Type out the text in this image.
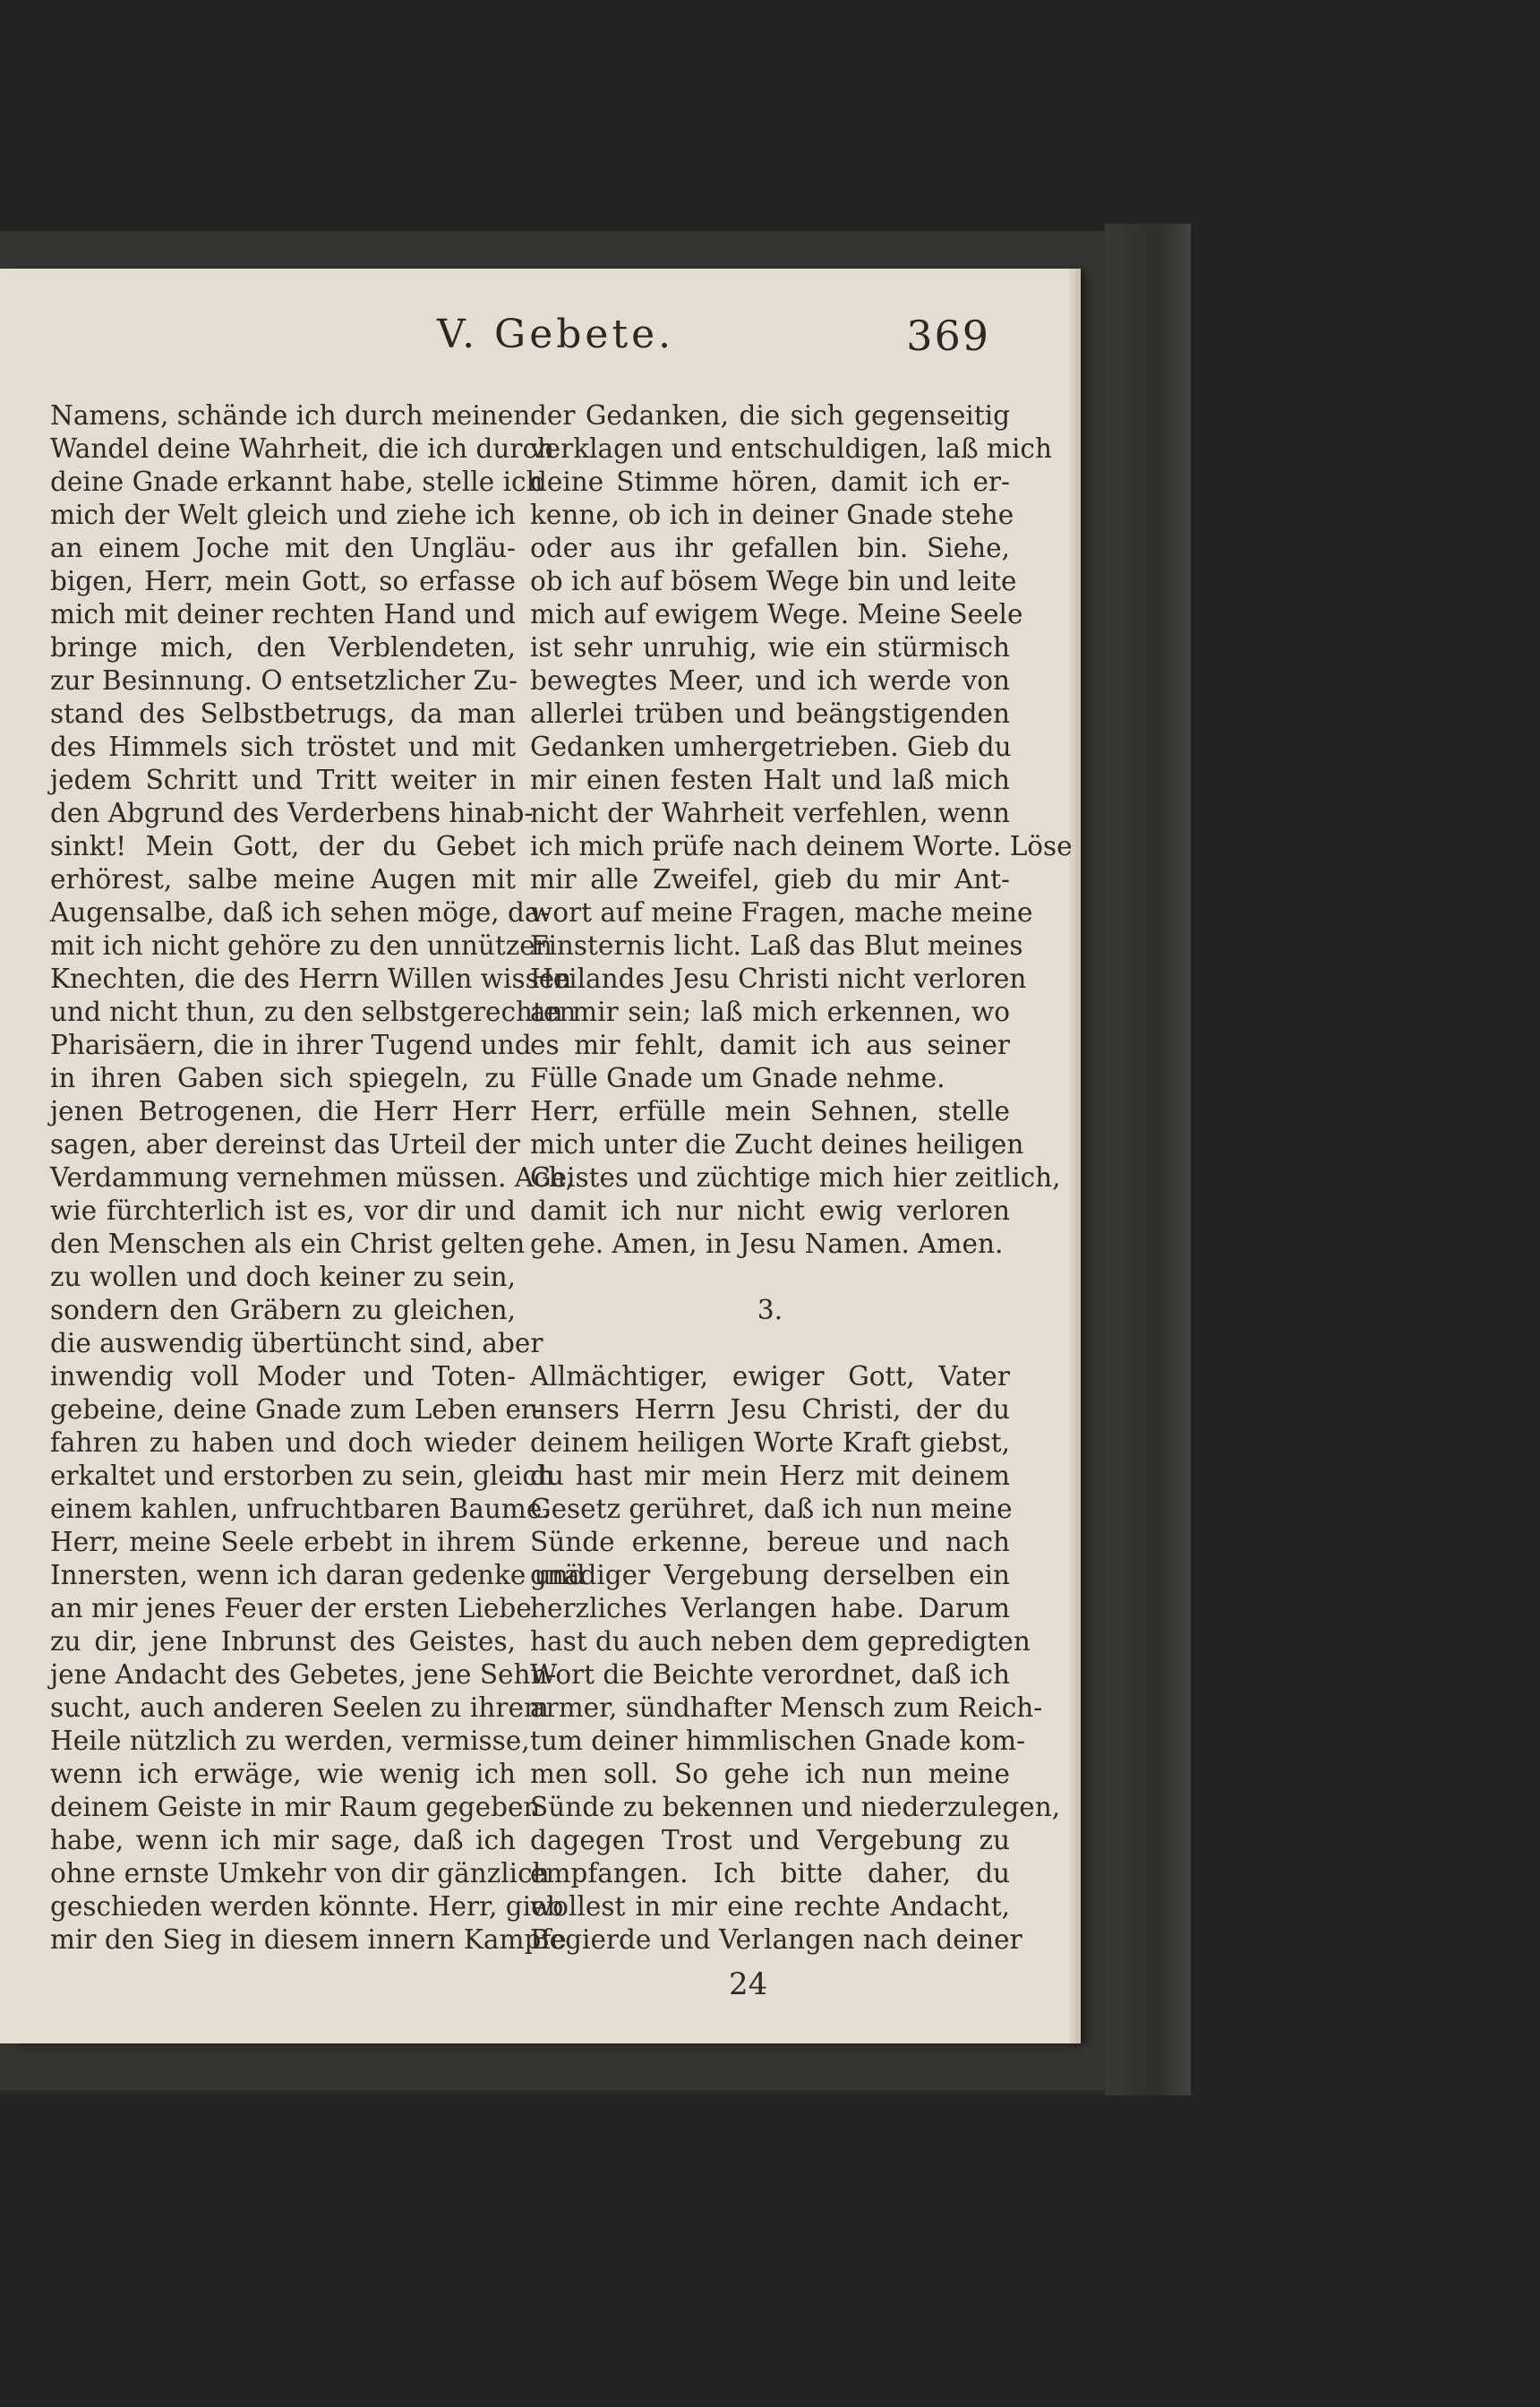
V. Gebete.	369
Namens, schände ich durch meinen
Wandel deine Wahrheit, die ich durch
deine Gnade erkannt habe, stelle ich
mich der Welt gleich und ziehe ich
an einem Joche mit den Ungläu-
bigen, Herr, mein Gott, so erfasse
mich mit deiner rechten Hand und
bringe mich, den Verblendeten,
zur Besinnung. O entsetzlicher Zu-
stand des Selbstbetrugs, da man
des Himmels sich tröstet und mit
jedem Schritt und Tritt weiter in
den Abgrund des Verderbens hinab-
sinkt! Mein Gott, der du Gebet
erhörest, salbe meine Augen mit
Augensalbe, daß ich sehen möge, da-
mit ich nicht gehöre zu den unnützen
Knechten, die des Herrn Willen wissen
und nicht thun, zu den selbstgerechten
Pharisäern, die in ihrer Tugend und
in ihren Gaben sich spiegeln, zu
jenen Betrogenen, die Herr Herr
sagen, aber dereinst das Urteil der
Verdammung vernehmen müssen. Ach,
wie fürchterlich ist es, vor dir und
den Menschen als ein Christ gelten
zu wollen und doch keiner zu sein,
sondern den Gräbern zu gleichen,
die auswendig übertüncht sind, aber
inwendig voll Moder und Toten-
gebeine, deine Gnade zum Leben er-
fahren zu haben und doch wieder
erkaltet und erstorben zu sein, gleich
einem kahlen, unfruchtbaren Baume.
Herr, meine Seele erbebt in ihrem
Innersten, wenn ich daran gedenke und
an mir jenes Feuer der ersten Liebe
zu dir, jene Inbrunst des Geistes,
jene Andacht des Gebetes, jene Sehn-
sucht, auch anderen Seelen zu ihrem
Heile nützlich zu werden, vermisse,
wenn ich erwäge, wie wenig ich
deinem Geiste in mir Raum gegeben
habe, wenn ich mir sage, daß ich
ohne ernste Umkehr von dir gänzlich
geschieden werden könnte. Herr, gieb
mir den Sieg in diesem innern Kampfe
der Gedanken, die sich gegenseitig
verklagen und entschuldigen, laß mich
deine Stimme hören, damit ich er-
kenne, ob ich in deiner Gnade stehe
oder aus ihr gefallen bin. Siehe,
ob ich auf bösem Wege bin und leite
mich auf ewigem Wege. Meine Seele
ist sehr unruhig, wie ein stürmisch
bewegtes Meer, und ich werde von
allerlei trüben und beängstigenden
Gedanken umhergetrieben. Gieb du
mir einen festen Halt und laß mich
nicht der Wahrheit verfehlen, wenn
ich mich prüfe nach deinem Worte. Löse
mir alle Zweifel, gieb du mir Ant-
wort auf meine Fragen, mache meine
Finsternis licht. Laß das Blut meines
Heilandes Jesu Christi nicht verloren
an mir sein; laß mich erkennen, wo
es mir fehlt, damit ich aus seiner
Fülle Gnade um Gnade nehme.
Herr, erfülle mein Sehnen, stelle
mich unter die Zucht deines heiligen
Geistes und züchtige mich hier zeitlich,
damit ich nur nicht ewig verloren
gehe. Amen, in Jesu Namen. Amen.
3.
Allmächtiger, ewiger Gott, Vater
unsers Herrn Jesu Christi, der du
deinem heiligen Worte Kraft giebst,
du hast mir mein Herz mit deinem
Gesetz gerühret, daß ich nun meine
Sünde erkenne, bereue und nach
gnädiger Vergebung derselben ein
herzliches Verlangen habe. Darum
hast du auch neben dem gepredigten
Wort die Beichte verordnet, daß ich
armer, sündhafter Mensch zum Reich-
tum deiner himmlischen Gnade kom-
men soll. So gehe ich nun meine
Sünde zu bekennen und niederzulegen,
dagegen Trost und Vergebung zu
empfangen. Ich bitte daher, du
wollest in mir eine rechte Andacht,
Begierde und Verlangen nach deiner
24
